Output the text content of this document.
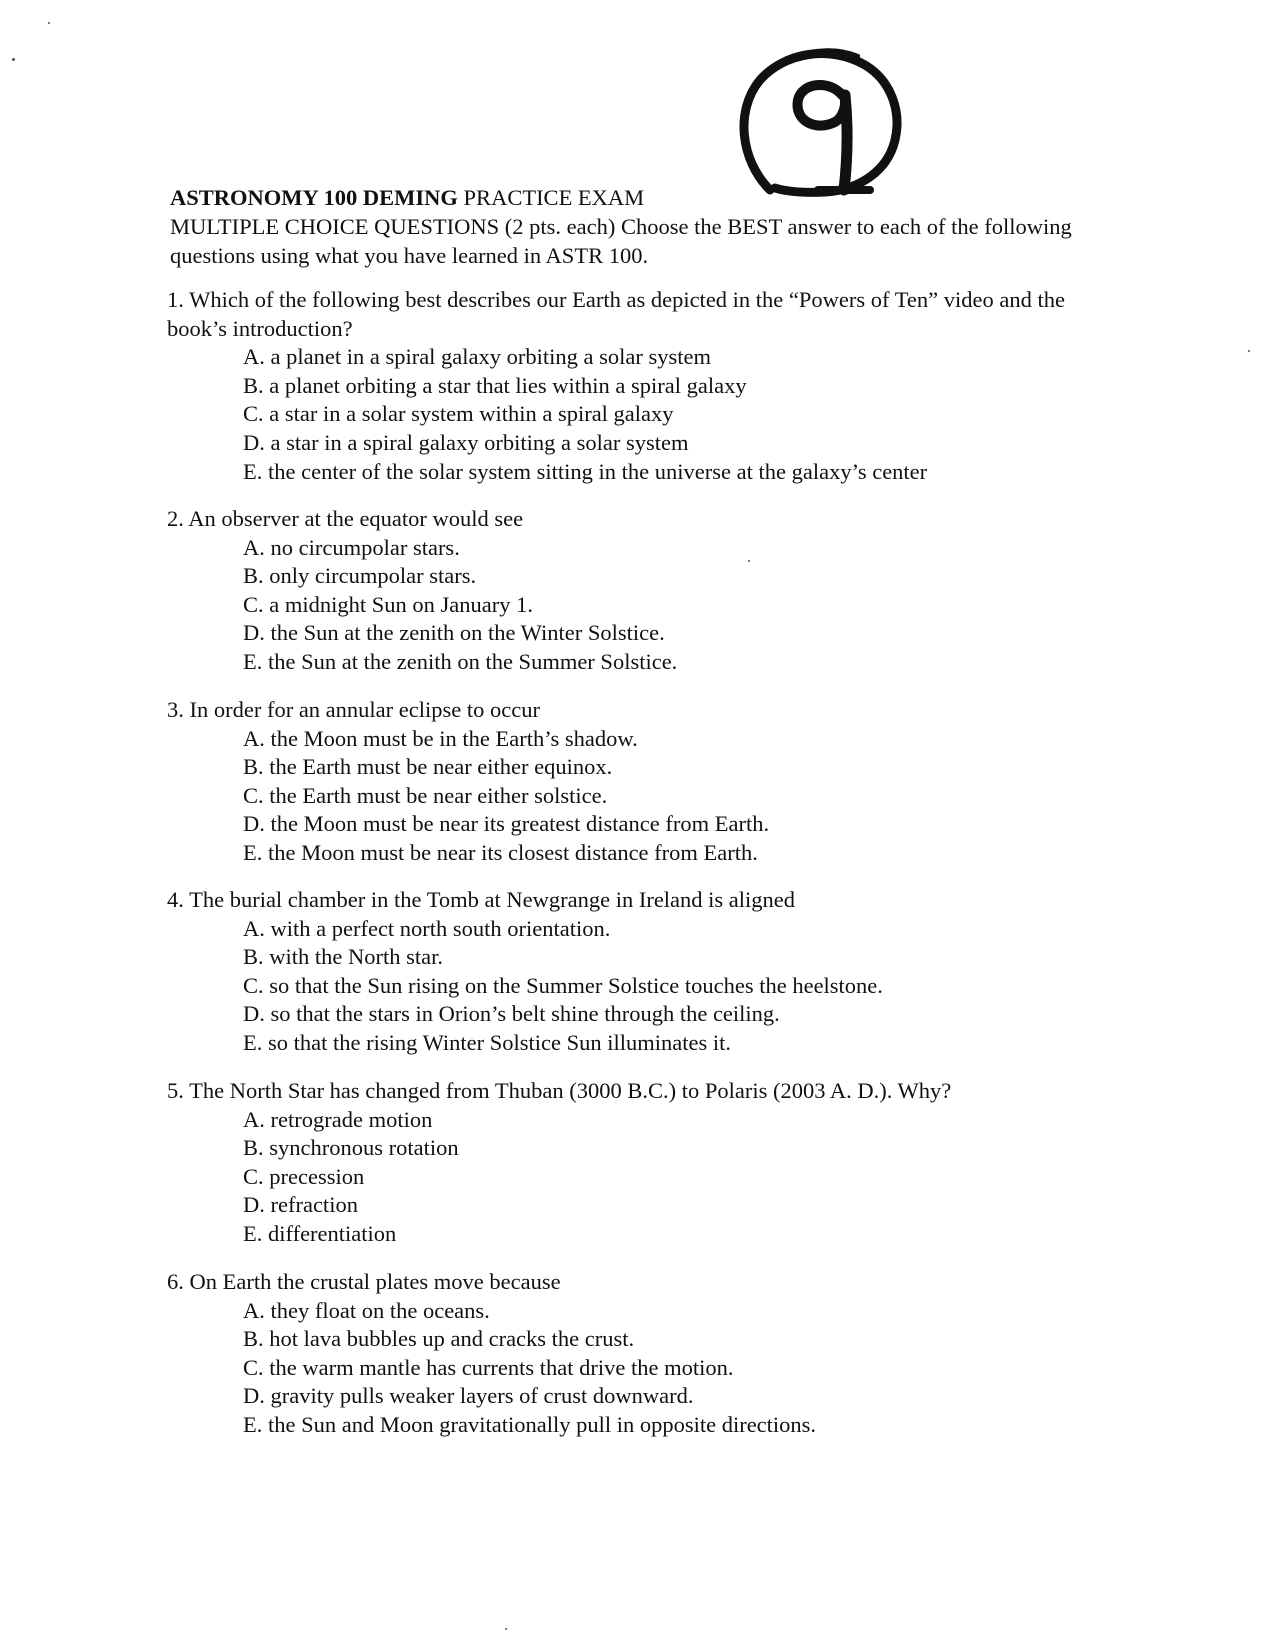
ASTRONOMY 100 DEMING PRACTICE EXAM
MULTIPLE CHOICE QUESTIONS (2 pts. each) Choose the BEST answer to each of the following questions using what you have learned in ASTR 100.
1. Which of the following best describes our Earth as depicted in the “Powers of Ten” video and the book’s introduction?
A. a planet in a spiral galaxy orbiting a solar system
B. a planet orbiting a star that lies within a spiral galaxy
C. a star in a solar system within a spiral galaxy
D. a star in a spiral galaxy orbiting a solar system
E. the center of the solar system sitting in the universe at the galaxy’s center
2. An observer at the equator would see
A. no circumpolar stars.
B. only circumpolar stars.
C. a midnight Sun on January 1.
D. the Sun at the zenith on the Winter Solstice.
E. the Sun at the zenith on the Summer Solstice.
3. In order for an annular eclipse to occur
A. the Moon must be in the Earth’s shadow.
B. the Earth must be near either equinox.
C. the Earth must be near either solstice.
D. the Moon must be near its greatest distance from Earth.
E. the Moon must be near its closest distance from Earth.
4. The burial chamber in the Tomb at Newgrange in Ireland is aligned
A. with a perfect north south orientation.
B. with the North star.
C. so that the Sun rising on the Summer Solstice touches the heelstone.
D. so that the stars in Orion’s belt shine through the ceiling.
E. so that the rising Winter Solstice Sun illuminates it.
5. The North Star has changed from Thuban (3000 B.C.) to Polaris (2003 A. D.). Why?
A. retrograde motion
B. synchronous rotation
C. precession
D. refraction
E. differentiation
6. On Earth the crustal plates move because
A. they float on the oceans.
B. hot lava bubbles up and cracks the crust.
C. the warm mantle has currents that drive the motion.
D. gravity pulls weaker layers of crust downward.
E. the Sun and Moon gravitationally pull in opposite directions.
